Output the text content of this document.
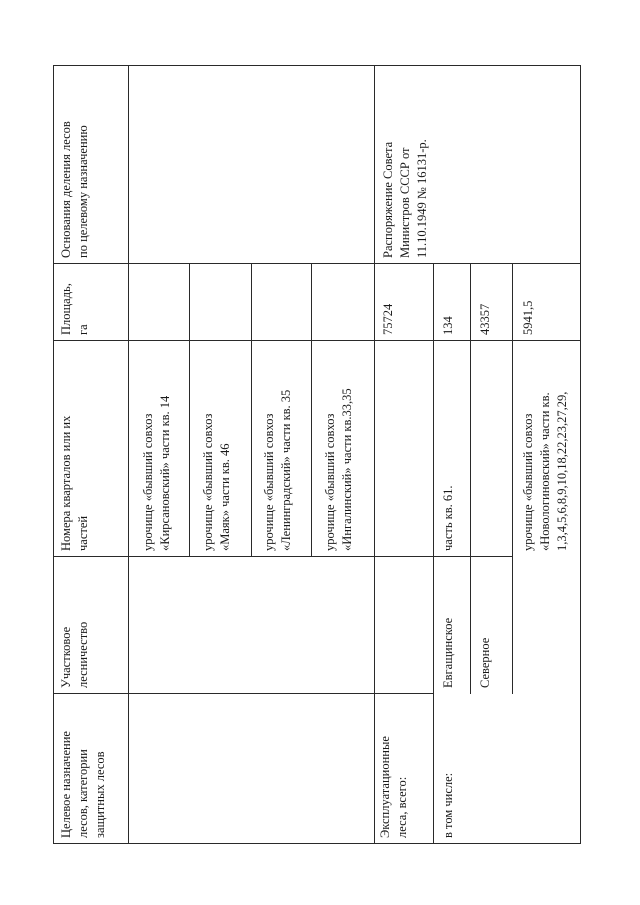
Целевое назначение лесов, категории защитных лесов
Участковое лесничество
Номера кварталов или их частей
Площадь, га
Основания деления лесов по целевому назначению
урочище «бывший совхоз «Кирсановский» части кв. 14 урочище «бывший совхоз «Маяк» части кв. 46 урочище «бывший совхоз «Ленинградский» части кв. 35 урочище «бывший совхоз «Ингалинский» части кв.33,35
Эксплуатационные леса, всего:
75724
Распоряжение Совета Министров СССР от 11.10.1949 № 16131-р.
в том числе:
Евгащинское
часть кв. 61.
134
Северное
43357
урочище «бывший совхоз «Новологиновский» части кв. 1,3,4,5,6,8,9,10,18,22,23,27,29,
5941,5
